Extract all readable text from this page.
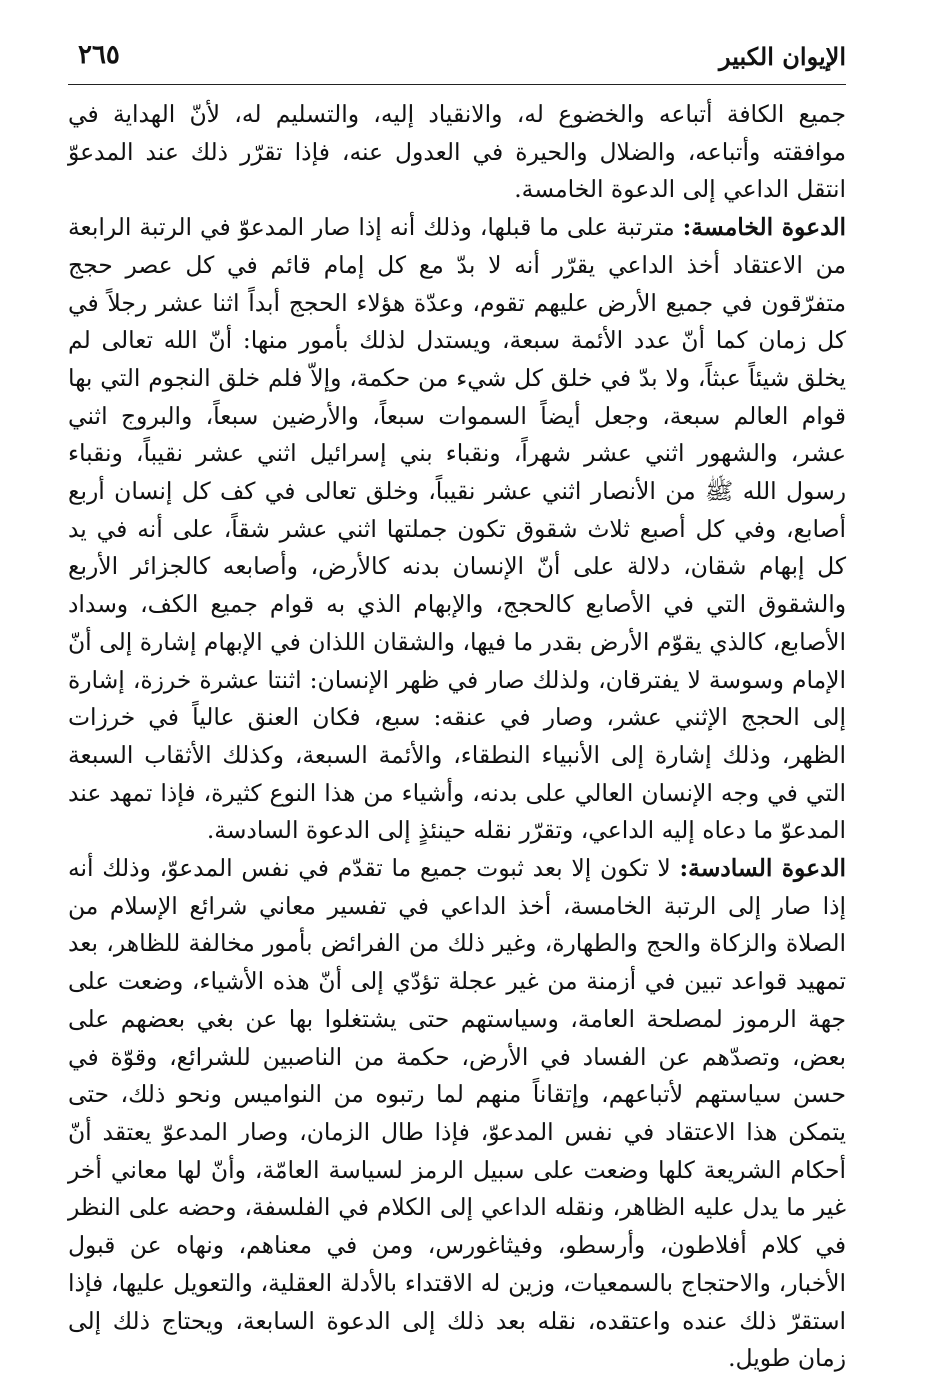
الإيوان الكبير
٢٦٥

جميع الكافة أتباعه والخضوع له، والانقياد إليه، والتسليم له، لأنّ الهداية في موافقته وأتباعه، والضلال والحيرة في العدول عنه، فإذا تقرّر ذلك عند المدعوّ انتقل الداعي إلى الدعوة الخامسة.

الدعوة الخامسة: مترتبة على ما قبلها، وذلك أنه إذا صار المدعوّ في الرتبة الرابعة من الاعتقاد أخذ الداعي يقرّر أنه لا بدّ مع كل إمام قائم في كل عصر حجج متفرّقون في جميع الأرض عليهم تقوم، وعدّة هؤلاء الحجج أبداً اثنا عشر رجلاً في كل زمان كما أنّ عدد الأئمة سبعة، ويستدل لذلك بأمور منها: أنّ الله تعالى لم يخلق شيئاً عبثاً، ولا بدّ في خلق كل شيء من حكمة، وإلاّ فلم خلق النجوم التي بها قوام العالم سبعة، وجعل أيضاً السموات سبعاً، والأرضين سبعاً، والبروج اثني عشر، والشهور اثني عشر شهراً، ونقباء بني إسرائيل اثني عشر نقيباً، ونقباء رسول الله ﷺ من الأنصار اثني عشر نقيباً، وخلق تعالى في كف كل إنسان أربع أصابع، وفي كل أصبع ثلاث شقوق تكون جملتها اثني عشر شقاً، على أنه في يد كل إبهام شقان، دلالة على أنّ الإنسان بدنه كالأرض، وأصابعه كالجزائر الأربع والشقوق التي في الأصابع كالحجج، والإبهام الذي به قوام جميع الكف، وسداد الأصابع، كالذي يقوّم الأرض بقدر ما فيها، والشقان اللذان في الإبهام إشارة إلى أنّ الإمام وسوسة لا يفترقان، ولذلك صار في ظهر الإنسان: اثنتا عشرة خرزة، إشارة إلى الحجج الإثني عشر، وصار في عنقه: سبع، فكان العنق عالياً في خرزات الظهر، وذلك إشارة إلى الأنبياء النطقاء، والأئمة السبعة، وكذلك الأثقاب السبعة التي في وجه الإنسان العالي على بدنه، وأشياء من هذا النوع كثيرة، فإذا تمهد عند المدعوّ ما دعاه إليه الداعي، وتقرّر نقله حينئذٍ إلى الدعوة السادسة.

الدعوة السادسة: لا تكون إلا بعد ثبوت جميع ما تقدّم في نفس المدعوّ، وذلك أنه إذا صار إلى الرتبة الخامسة، أخذ الداعي في تفسير معاني شرائع الإسلام من الصلاة والزكاة والحج والطهارة، وغير ذلك من الفرائض بأمور مخالفة للظاهر، بعد تمهيد قواعد تبين في أزمنة من غير عجلة تؤدّي إلى أنّ هذه الأشياء، وضعت على جهة الرموز لمصلحة العامة، وسياستهم حتى يشتغلوا بها عن بغي بعضهم على بعض، وتصدّهم عن الفساد في الأرض، حكمة من الناصبين للشرائع، وقوّة في حسن سياستهم لأتباعهم، وإتقاناً منهم لما رتبوه من النواميس ونحو ذلك، حتى يتمكن هذا الاعتقاد في نفس المدعوّ، فإذا طال الزمان، وصار المدعوّ يعتقد أنّ أحكام الشريعة كلها وضعت على سبيل الرمز لسياسة العامّة، وأنّ لها معاني أخر غير ما يدل عليه الظاهر، ونقله الداعي إلى الكلام في الفلسفة، وحضه على النظر في كلام أفلاطون، وأرسطو، وفيثاغورس، ومن في معناهم، ونهاه عن قبول الأخبار، والاحتجاج بالسمعيات، وزين له الاقتداء بالأدلة العقلية، والتعويل عليها، فإذا استقرّ ذلك عنده واعتقده، نقله بعد ذلك إلى الدعوة السابعة، ويحتاج ذلك إلى زمان طويل.
